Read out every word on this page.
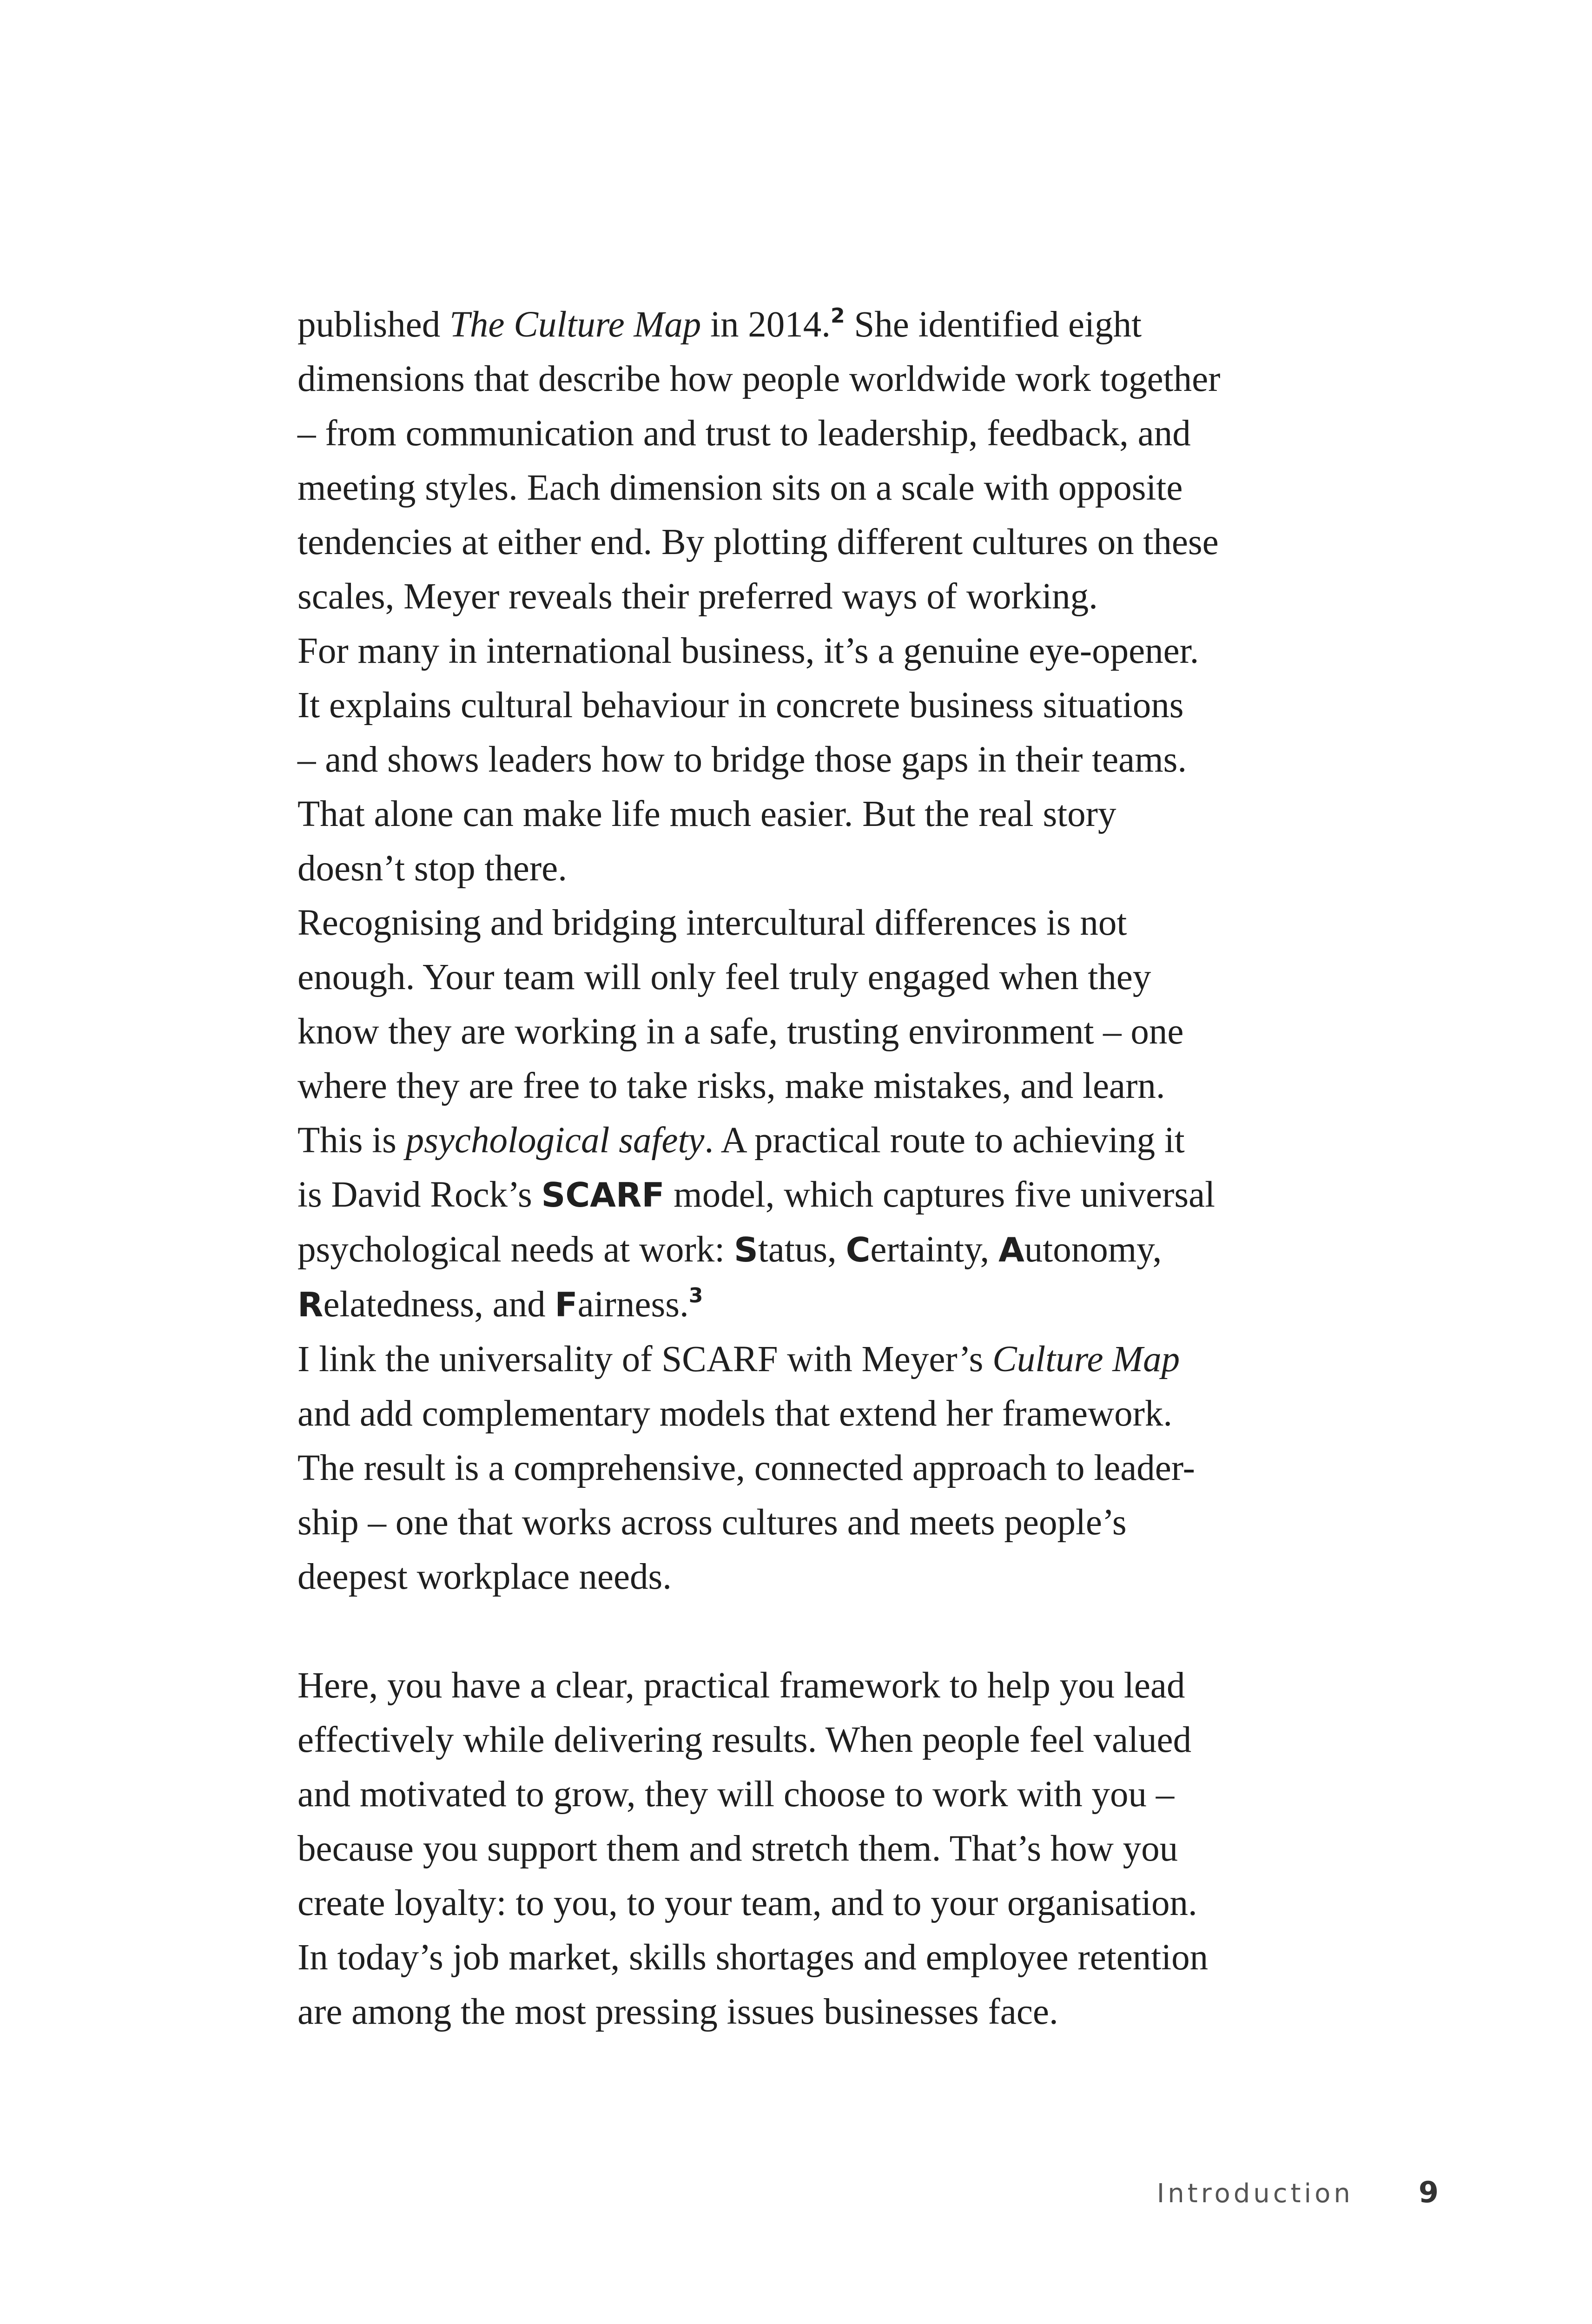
published The Culture Map in 2014.$^2$ She identified eight
dimensions that describe how people worldwide work together
– from communication and trust to leadership, feedback, and
meeting styles. Each dimension sits on a scale with opposite
tendencies at either end. By plotting different cultures on these
scales, Meyer reveals their preferred ways of working.
For many in international business, it’s a genuine eye-opener.
It explains cultural behaviour in concrete business situations
– and shows leaders how to bridge those gaps in their teams.
That alone can make life much easier. But the real story
doesn’t stop there.
Recognising and bridging intercultural differences is not
enough. Your team will only feel truly engaged when they
know they are working in a safe, trusting environment – one
where they are free to take risks, make mistakes, and learn.
This is psychological safety. A practical route to achieving it
is David Rock’s SCARF model, which captures five universal
psychological needs at work: Status, Certainty, Autonomy,
Relatedness, and Fairness.$^3$
I link the universality of SCARF with Meyer’s Culture Map
and add complementary models that extend her framework.
The result is a comprehensive, connected approach to leader-
ship – one that works across cultures and meets people’s
deepest workplace needs.
Here, you have a clear, practical framework to help you lead
effectively while delivering results. When people feel valued
and motivated to grow, they will choose to work with you –
because you support them and stretch them. That’s how you
create loyalty: to you, to your team, and to your organisation.
In today’s job market, skills shortages and employee retention
are among the most pressing issues businesses face.
Introduction 9
